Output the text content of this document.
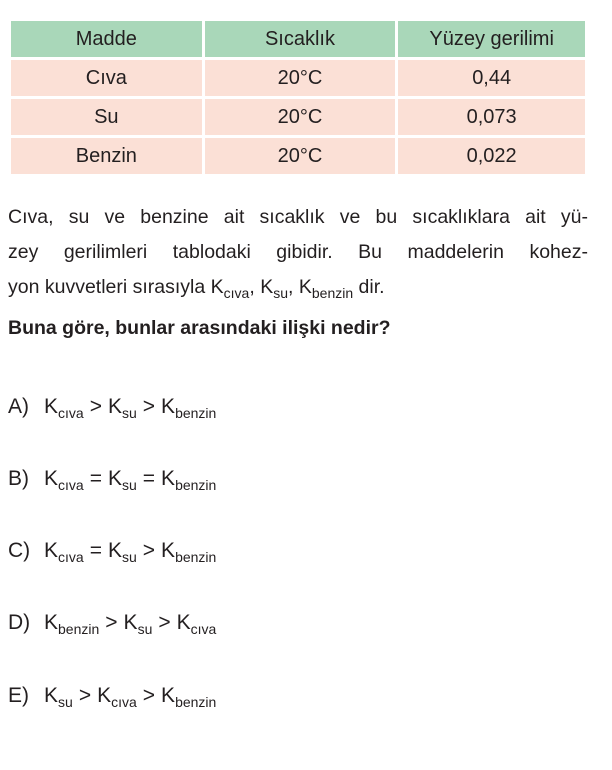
Madde	Sıcaklık	Yüzey gerilimi
Cıva	20°C	0,44
Su	20°C	0,073
Benzin	20°C	0,022
Cıva, su ve benzine ait sıcaklık ve bu sıcaklıklara ait yü-
zey gerilimleri tablodaki gibidir. Bu maddelerin kohez-
yon kuvvetleri sırasıyla $K_{cıva}$, $K_{su}$, $K_{benzin}$ dir.

Buna göre, bunlar arasındaki ilişki nedir?

A) $K_{cıva} > K_{su} > K_{benzin}$
B) $K_{cıva} = K_{su} = K_{benzin}$
C) $K_{cıva} = K_{su} > K_{benzin}$
D) $K_{benzin} > K_{su} > K_{cıva}$
E) $K_{su} > K_{cıva} > K_{benzin}$
